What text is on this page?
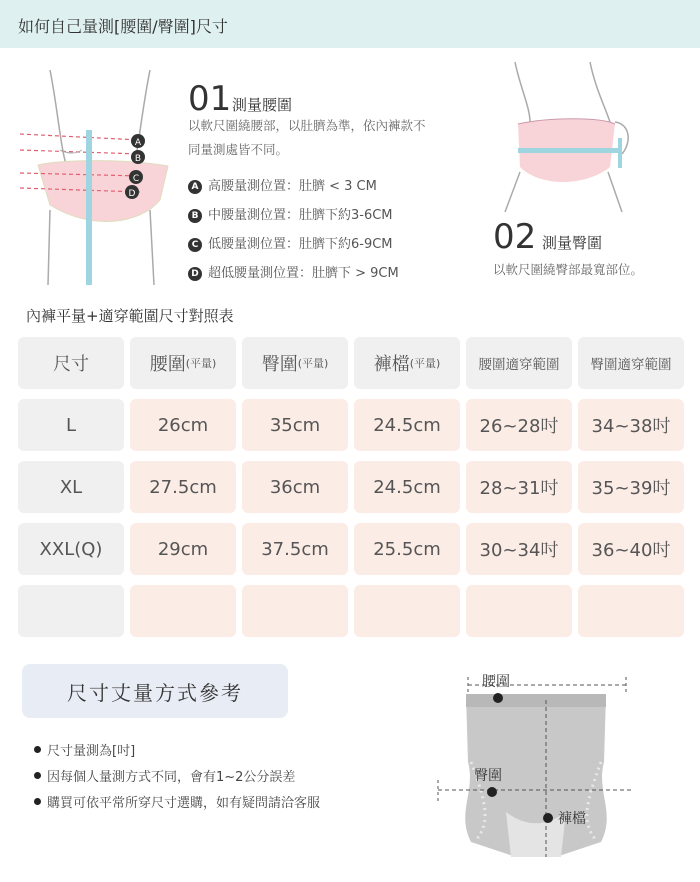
如何自己量測[腰圍/臀圍]尺寸
A
B
C
D
01 測量腰圍
以軟尺圍繞腰部，以肚臍為準，依內褲款不
同量測處皆不同。
A 高腰量測位置：肚臍 < 3 CM
B 中腰量測位置：肚臍下約3-6CM
C 低腰量測位置：肚臍下約6-9CM
D 超低腰量測位置：肚臍下 > 9CM
02 測量臀圍
以軟尺圍繞臀部最寬部位。
內褲平量+適穿範圍尺寸對照表
尺寸	腰圍 (平量)	臀圍 (平量)	褲檔 (平量)	腰圍適穿範圍 臀圍適穿範圍
L	26cm	35cm	24.5cm	26~28吋	34~38吋
XL	27.5cm	36cm	24.5cm	28~31吋	35~39吋
XXL(Q)	29cm	37.5cm	25.5cm	30~34吋	36~40吋
尺寸丈量方式參考
尺寸量測為[吋]
因每個人量測方式不同，會有1~2公分誤差
購買可依平常所穿尺寸選購，如有疑問請洽客服
腰圍
臀圍
褲檔
